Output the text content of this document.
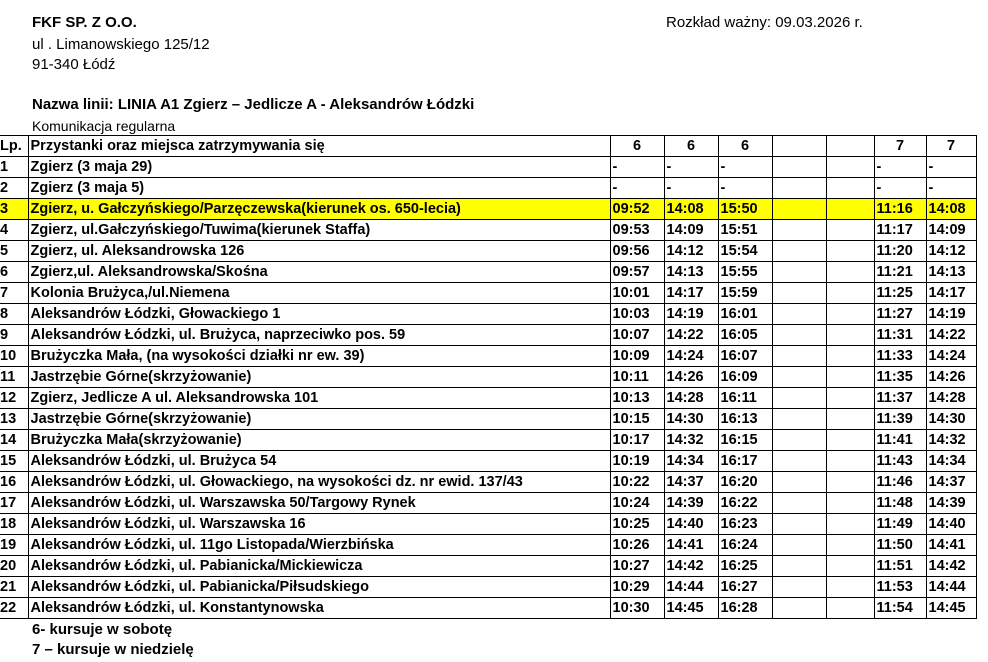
FKF SP. Z O.O.
ul . Limanowskiego 125/12
91-340 Łódź
Rozkład ważny: 09.03.2026 r.
Nazwa linii: LINIA A1 Zgierz – Jedlicze A - Aleksandrów Łódzki
Komunikacja regularna
Lp.	Przystanki oraz miejsca zatrzymywania się	6	6	6			7	7
1	Zgierz (3 maja 29)	-	-	-			-	-
2	Zgierz (3 maja 5)	-	-	-			-	-
3	Zgierz, u. Gałczyńskiego/Parzęczewska(kierunek os. 650-lecia)	09:52	14:08	15:50			11:16	14:08
4	Zgierz, ul.Gałczyńskiego/Tuwima(kierunek Staffa)	09:53	14:09	15:51			11:17	14:09
5	Zgierz, ul. Aleksandrowska 126	09:56	14:12	15:54			11:20	14:12
6	Zgierz,ul. Aleksandrowska/Skośna	09:57	14:13	15:55			11:21	14:13
7	Kolonia Brużyca,/ul.Niemena	10:01	14:17	15:59			11:25	14:17
8	Aleksandrów Łódzki, Głowackiego 1	10:03	14:19	16:01			11:27	14:19
9	Aleksandrów Łódzki, ul. Brużyca, naprzeciwko pos. 59	10:07	14:22	16:05			11:31	14:22
10	Brużyczka Mała, (na wysokości działki nr ew. 39)	10:09	14:24	16:07			11:33	14:24
11	Jastrzębie Górne(skrzyżowanie)	10:11	14:26	16:09			11:35	14:26
12	Zgierz, Jedlicze A ul. Aleksandrowska 101	10:13	14:28	16:11			11:37	14:28
13	Jastrzębie Górne(skrzyżowanie)	10:15	14:30	16:13			11:39	14:30
14	Brużyczka Mała(skrzyżowanie)	10:17	14:32	16:15			11:41	14:32
15	Aleksandrów Łódzki, ul. Brużyca 54	10:19	14:34	16:17			11:43	14:34
16	Aleksandrów Łódzki, ul. Głowackiego, na wysokości dz. nr ewid. 137/43	10:22	14:37	16:20			11:46	14:37
17	Aleksandrów Łódzki, ul. Warszawska 50/Targowy Rynek	10:24	14:39	16:22			11:48	14:39
18	Aleksandrów Łódzki, ul. Warszawska 16	10:25	14:40	16:23			11:49	14:40
19	Aleksandrów Łódzki, ul. 11go Listopada/Wierzbińska	10:26	14:41	16:24			11:50	14:41
20	Aleksandrów Łódzki, ul. Pabianicka/Mickiewicza	10:27	14:42	16:25			11:51	14:42
21	Aleksandrów Łódzki, ul. Pabianicka/Piłsudskiego	10:29	14:44	16:27			11:53	14:44
22	Aleksandrów Łódzki, ul. Konstantynowska	10:30	14:45	16:28			11:54	14:45
6- kursuje w sobotę
7 – kursuje w niedzielę
